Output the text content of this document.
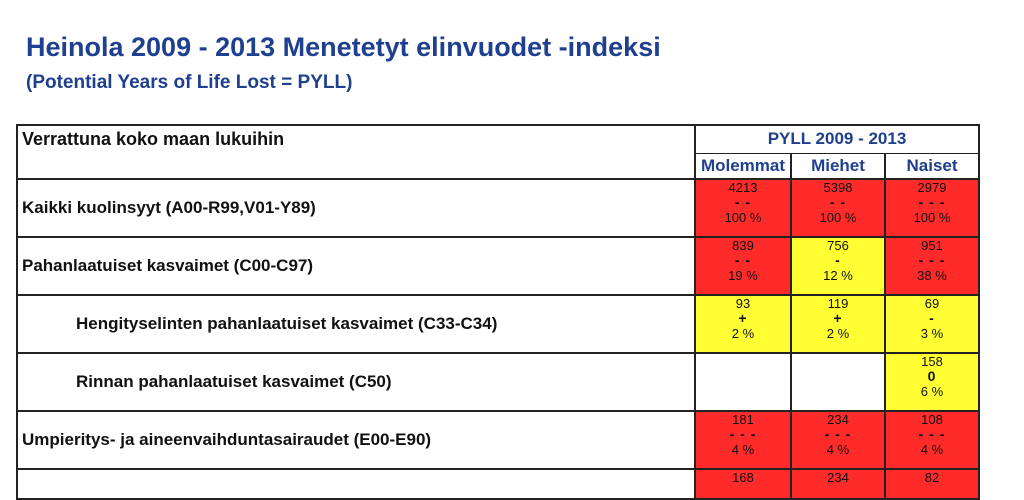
Heinola 2009 - 2013 Menetetyt elinvuodet -indeksi
(Potential Years of Life Lost = PYLL)
Verrattuna koko maan lukuihin	PYLL 2009 - 2013		
	Molemmat	Miehet	Naiset
Kaikki kuolinsyyt (A00-R99,V01-Y89)	4213
- -
100 %	5398
- -
100 %	2979
- - -
100 %

Pahanlaatuiset kasvaimet (C00-C97)	839
- -
19 %	756
-
12 %	951
- - -
38 %

Hengityselinten pahanlaatuiset kasvaimet (C33-C34)	93
+
2 %	119
+
2 %	69
-
3 %

Rinnan pahanlaatuiset kasvaimet (C50)			158
0
6 %

Umpieritys- ja aineenvaihduntasairaudet (E00-E90)	181
- - -
4 %	234
- - -
4 %	108
- - -
4 %

	168	234	82
